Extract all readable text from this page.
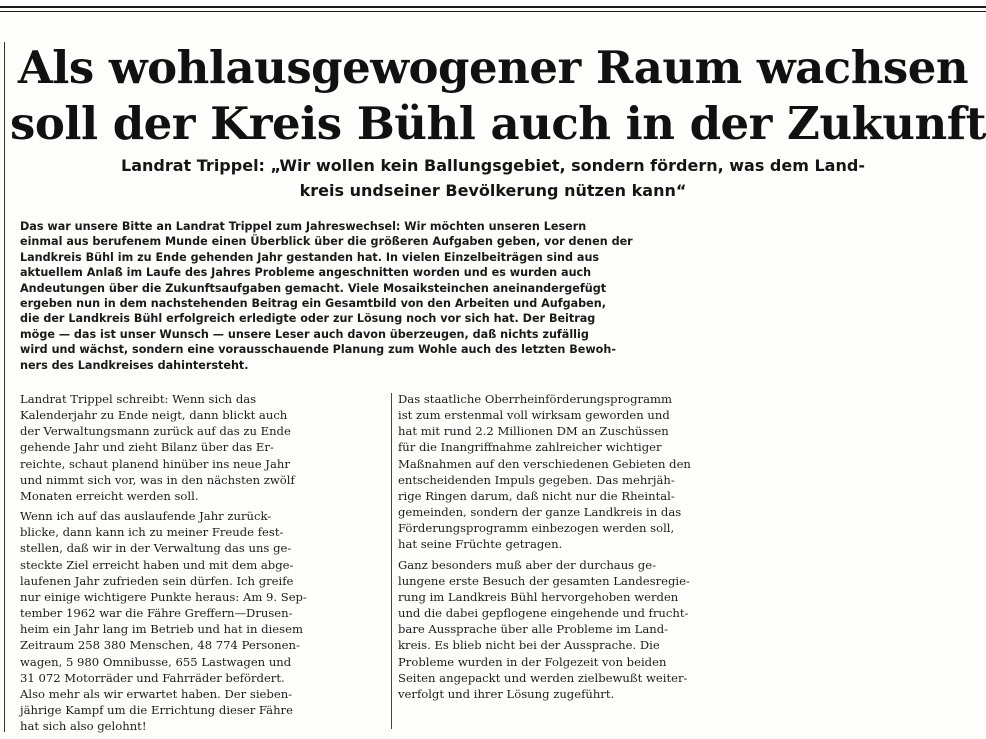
Als wohlausgewogener Raum wachsen
soll der Kreis Bühl auch in der Zukunft
Landrat Trippel: „Wir wollen kein Ballungsgebiet, sondern fördern, was dem Land-
kreis undseiner Bevölkerung nützen kann“
Das war unsere Bitte an Landrat Trippel zum Jahreswechsel: Wir möchten unseren Lesern
einmal aus berufenem Munde einen Überblick über die größeren Aufgaben geben, vor denen der
Landkreis Bühl im zu Ende gehenden Jahr gestanden hat. In vielen Einzelbeiträgen sind aus
aktuellem Anlaß im Laufe des Jahres Probleme angeschnitten worden und es wurden auch
Andeutungen über die Zukunftsaufgaben gemacht. Viele Mosaiksteinchen aneinandergefügt
ergeben nun in dem nachstehenden Beitrag ein Gesamtbild von den Arbeiten und Aufgaben,
die der Landkreis Bühl erfolgreich erledigte oder zur Lösung noch vor sich hat. Der Beitrag
möge — das ist unser Wunsch — unsere Leser auch davon überzeugen, daß nichts zufällig
wird und wächst, sondern eine vorausschauende Planung zum Wohle auch des letzten Bewoh-
ners des Landkreises dahintersteht.
Landrat Trippel schreibt: Wenn sich das
Kalenderjahr zu Ende neigt, dann blickt auch
der Verwaltungsmann zurück auf das zu Ende
gehende Jahr und zieht Bilanz über das Er-
reichte, schaut planend hinüber ins neue Jahr
und nimmt sich vor, was in den nächsten zwölf
Monaten erreicht werden soll.
Wenn ich auf das auslaufende Jahr zurück-
blicke, dann kann ich zu meiner Freude fest-
stellen, daß wir in der Verwaltung das uns ge-
steckte Ziel erreicht haben und mit dem abge-
laufenen Jahr zufrieden sein dürfen. Ich greife
nur einige wichtigere Punkte heraus: Am 9. Sep-
tember 1962 war die Fähre Greffern—Drusen-
heim ein Jahr lang im Betrieb und hat in diesem
Zeitraum 258 380 Menschen, 48 774 Personen-
wagen, 5 980 Omnibusse, 655 Lastwagen und
31 072 Motorräder und Fahrräder befördert.
Also mehr als wir erwartet haben. Der sieben-
jährige Kampf um die Errichtung dieser Fähre
hat sich also gelohnt!
Das staatliche Oberrheinförderungsprogramm
ist zum erstenmal voll wirksam geworden und
hat mit rund 2.2 Millionen DM an Zuschüssen
für die Inangriffnahme zahlreicher wichtiger
Maßnahmen auf den verschiedenen Gebieten den
entscheidenden Impuls gegeben. Das mehrjäh-
rige Ringen darum, daß nicht nur die Rheintal-
gemeinden, sondern der ganze Landkreis in das
Förderungsprogramm einbezogen werden soll,
hat seine Früchte getragen.
Ganz besonders muß aber der durchaus ge-
lungene erste Besuch der gesamten Landesregie-
rung im Landkreis Bühl hervorgehoben werden
und die dabei gepflogene eingehende und frucht-
bare Aussprache über alle Probleme im Land-
kreis. Es blieb nicht bei der Aussprache. Die
Probleme wurden in der Folgezeit von beiden
Seiten angepackt und werden zielbewußt weiter-
verfolgt und ihrer Lösung zugeführt.
